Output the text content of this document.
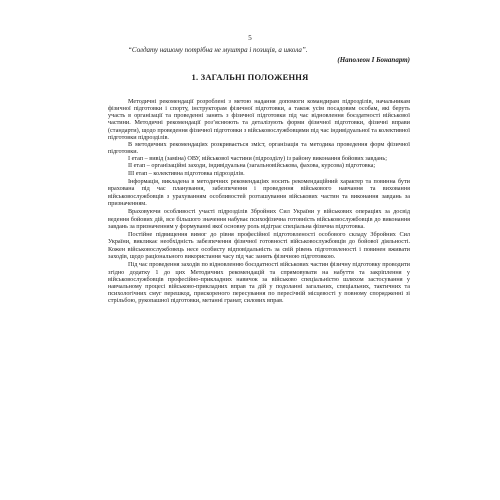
5
“Солдату нашому потрібна не муштра і позиція, а школа”.
(Наполеон І Бонапарт)
1. ЗАГАЛЬНІ ПОЛОЖЕННЯ

Методичні рекомендації розроблені з метою надання допомоги командирам підрозділів, начальникам фізичної підготовки і спорту, інструкторам фізичної підготовки, а також усім посадовим особам, які беруть участь в організації та проведенні занять з фізичної підготовки під час відновлення боєздатності військової частини. Методичні рекомендації роз’яснюють та деталізують форми фізичної підготовки, фізичні вправи (стандарти), щодо проведення фізичної підготовки з військовослужбовцями під час індивідуальної та колективної підготовки підрозділів.

В методичних рекомендаціях розкривається зміст, організація та методика проведення форм фізичної підготовки.

І етап – вивід (заміна) ОВУ, військової частини (підрозділу) із району виконання бойових завдань;

ІІ етап – організаційні заходи, індивідуальна (загальновійськова, фахова, курсова) підготовка;

ІІІ етап – колективна підготовка підрозділів.

Інформація, викладена в методичних рекомендаціях носить рекомендаційний характер та повинна бути врахована під час планування, забезпечення і проведення військового навчання та виховання військовослужбовців з урахуванням особливостей розташування військових частин та виконання завдань за призначенням.

Враховуючи особливості участі підрозділів Збройних Сил України у військових операціях за досвід ведення бойових дій, все більшого значення набуває психофізична готовність військовослужбовців до виконання завдань за призначенням у формуванні якої основну роль відіграє спеціальна фізична підготовка.

Постійне підвищення вимог до рівня професійної підготовленості особового складу Збройних Сил України, викликає необхідність забезпечення фізичної готовності військовослужбовців до бойової діяльності. Кожен військовослужбовець несе особисту відповідальність за свій рівень підготовленості і повинен вживати заходів, щодо раціонального використання часу під час занять фізичною підготовкою.

Під час проведення заходів по відновленню боєздатності військових частин фізичну підготовку проводити згідно додатку 1 до цих Методичних рекомендацій та спрямовувати на набуття та закріплення у військовослужбовців професійно-прикладних навичок за військово спеціальністю шляхом застосування у навчальному процесі військово-прикладних вправ та дій у подоланні загальних, спеціальних, тактичних та психологічних смуг перешкод, прискореного пересування по пересічній місцевості у повному спорядженні зі стрільбою, рукопашної підготовки, метанні гранат, силових вправ.
